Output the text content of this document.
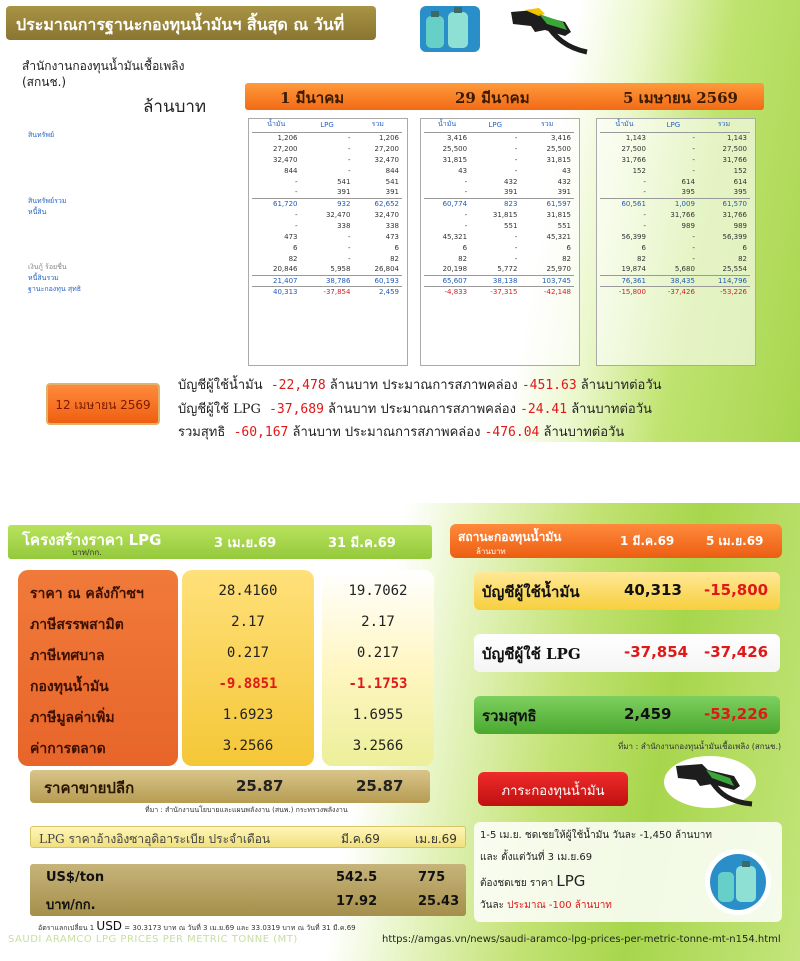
ประมาณการฐานะกองทุนน้ำมันฯ สิ้นสุด ณ วันที่
สำนักงานกองทุนน้ำมันเชื้อเพลิง
(สกนช.)
ล้านบาท	1 มีนาคม	29 มีนาคม	5 เมษายน 2569
สินทรัพย์
สินทรัพย์รวม
หนี้สิน
เงินกู้ ร้อยชื่น
หนี้สินรวม
ฐานะกองทุน สุทธิ
น้ำมัน	LPG	รวม
1,206	-	1,206
27,200	-	27,200
32,470	-	32,470
844	-	844
-	541	541
-	391	391
61,720	932	62,652
-	32,470	32,470
-	338	338
473	-	473
6	-	6
82	-	82
20,846	5,958	26,804
21,407	38,786	60,193
40,313	-37,854	2,459
น้ำมัน	LPG	รวม
3,416	-	3,416
25,500	-	25,500
31,815	-	31,815
43	-	43
-	432	432
-	391	391
60,774	823	61,597
-	31,815	31,815
-	551	551
45,321	-	45,321
6	-	6
82	-	82
20,198	5,772	25,970
65,607	38,138	103,745
-4,833	-37,315	-42,148
น้ำมัน	LPG	รวม
1,143	-	1,143
27,500	-	27,500
31,766	-	31,766
152	-	152
-	614	614
-	395	395
60,561	1,009	61,570
-	31,766	31,766
-	989	989
56,399	-	56,399
6	-	6
82	-	82
19,874	5,680	25,554
76,361	38,435	114,796
-15,800	-37,426	-53,226
12 เมษายน 2569
บัญชีผู้ใช้น้ำมัน -22,478 ล้านบาท ประมาณการสภาพคล่อง -451.63 ล้านบาทต่อวัน
บัญชีผู้ใช้ LPG -37,689 ล้านบาท ประมาณการสภาพคล่อง -24.41 ล้านบาทต่อวัน
รวมสุทธิ -60,167 ล้านบาท ประมาณการสภาพคล่อง -476.04 ล้านบาทต่อวัน
โครงสร้างราคา LPG
บาท/กก.
3 เม.ย.69	31 มี.ค.69
ราคา ณ คลังก๊าซฯ	28.4160	19.7062
ภาษีสรรพสามิต	2.17	2.17
ภาษีเทศบาล	0.217	0.217
กองทุนน้ำมัน	-9.8851	-1.1753
ภาษีมูลค่าเพิ่ม	1.6923	1.6955
ค่าการตลาด	3.2566	3.2566
ราคาขายปลีก	25.87	25.87
ที่มา : สำนักงานนโยบายและแผนพลังงาน (สนพ.) กระทรวงพลังงาน
LPG ราคาอ้างอิงซาอุดิอาระเบีย ประจำเดือน	มี.ค.69	เม.ย.69
US$/ton	542.5	775
บาท/กก.	17.92	25.43
อัตราแลกเปลี่ยน 1 USD = 30.3173 บาท ณ วันที่ 3 เม.ย.69 และ 33.0319 บาท ณ วันที่ 31 มี.ค.69
SAUDI ARAMCO LPG PRICES PER METRIC TONNE (MT)	https://amgas.vn/news/saudi-aramco-lpg-prices-per-metric-tonne-mt-n154.html
สถานะกองทุนน้ำมัน
ล้านบาท
1 มี.ค.69	5 เม.ย.69
บัญชีผู้ใช้น้ำมัน	40,313 -15,800
บัญชีผู้ใช้ LPG	-37,854 -37,426
รวมสุทธิ	2,459 -53,226
ที่มา : สำนักงานกองทุนน้ำมันเชื้อเพลิง (สกนช.)
ภาระกองทุนน้ำมัน
1-5 เม.ย. ชดเชยให้ผู้ใช้น้ำมัน วันละ -1,450 ล้านบาท
และ ตั้งแต่วันที่ 3 เม.ย.69
ต้องชดเชย ราคา LPG
วันละ ประมาณ -100 ล้านบาท
